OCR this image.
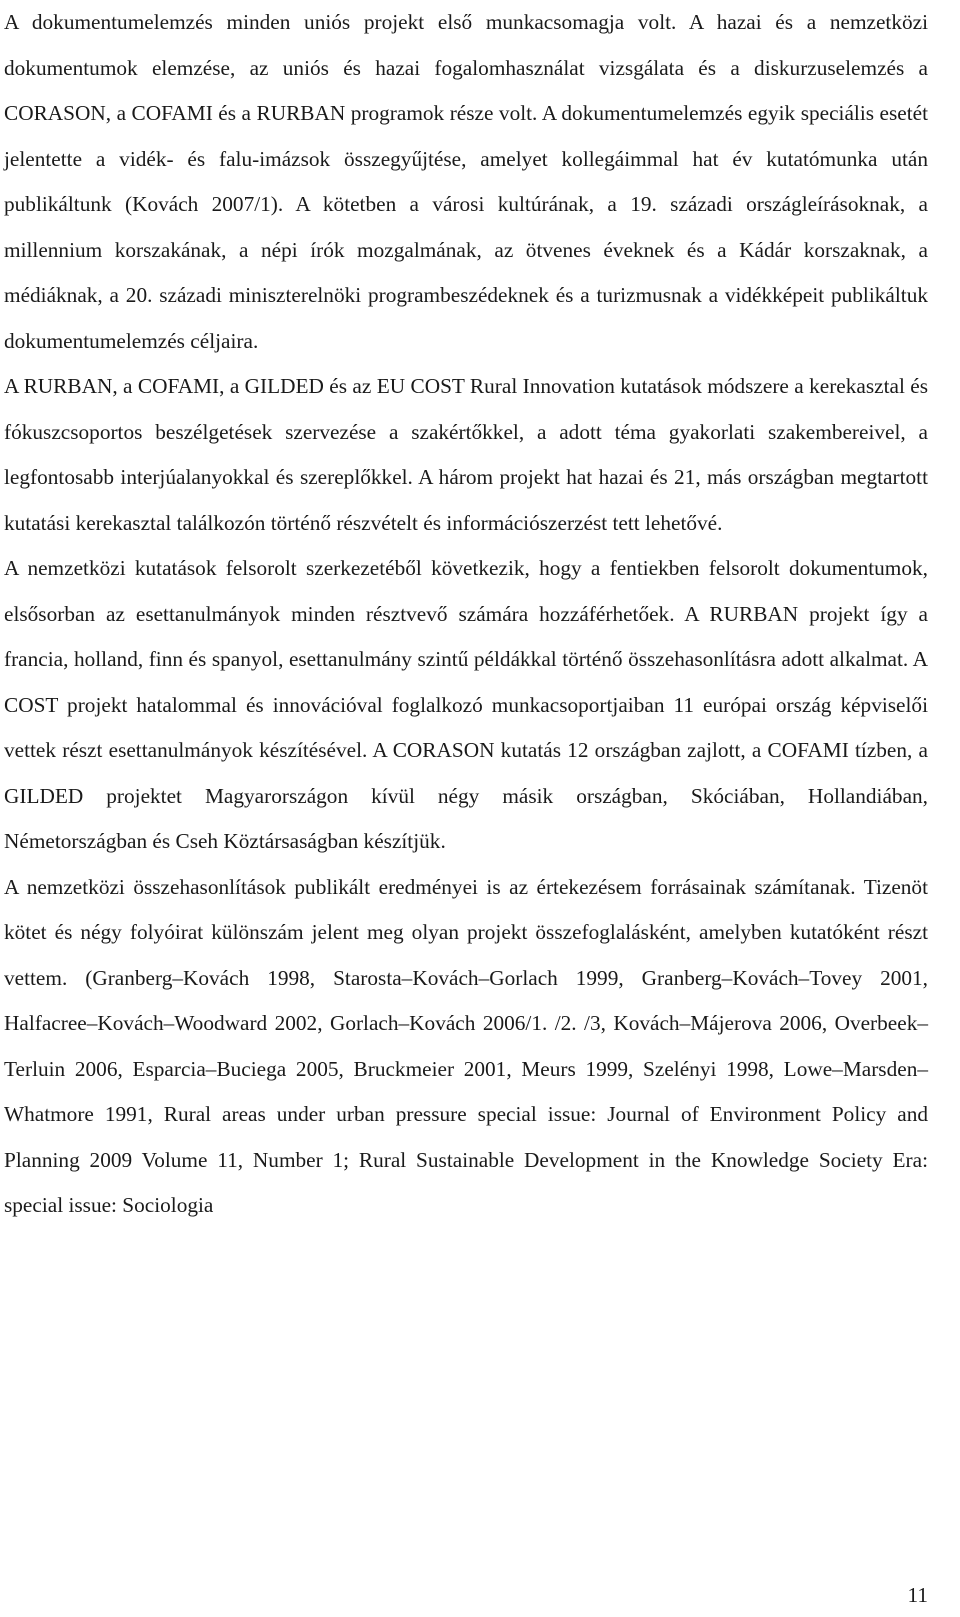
A dokumentumelemzés minden uniós projekt első munkacsomagja volt. A hazai és a nemzetközi dokumentumok elemzése, az uniós és hazai fogalomhasználat vizsgálata és a diskurzuselemzés a CORASON, a COFAMI és a RURBAN programok része volt. A dokumentumelemzés egyik speciális esetét jelentette a vidék- és falu-imázsok összegyűjtése, amelyet kollegáimmal hat év kutatómunka után publikáltunk (Kovách 2007/1). A kötetben a városi kultúrának, a 19. századi országleírásoknak, a millennium korszakának, a népi írók mozgalmának, az ötvenes éveknek és a Kádár korszaknak, a médiáknak, a 20. századi miniszterelnöki programbeszédeknek és a turizmusnak a vidékképeit publikáltuk dokumentumelemzés céljaira.

A RURBAN, a COFAMI, a GILDED és az EU COST Rural Innovation kutatások módszere a kerekasztal és fókuszcsoportos beszélgetések szervezése a szakértőkkel, a adott téma gyakorlati szakembereivel, a legfontosabb interjúalanyokkal és szereplőkkel. A három projekt hat hazai és 21, más országban megtartott kutatási kerekasztal találkozón történő részvételt és információszerzést tett lehetővé.

A nemzetközi kutatások felsorolt szerkezetéből következik, hogy a fentiekben felsorolt dokumentumok, elsősorban az esettanulmányok minden résztvevő számára hozzáférhetőek. A RURBAN projekt így a francia, holland, finn és spanyol, esettanulmány szintű példákkal történő összehasonlításra adott alkalmat. A COST projekt hatalommal és innovációval foglalkozó munkacsoportjaiban 11 európai ország képviselői vettek részt esettanulmányok készítésével. A CORASON kutatás 12 országban zajlott, a COFAMI tízben, a GILDED projektet Magyarországon kívül négy másik országban, Skóciában, Hollandiában, Németországban és Cseh Köztársaságban készítjük.

A nemzetközi összehasonlítások publikált eredményei is az értekezésem forrásainak számítanak. Tizenöt kötet és négy folyóirat különszám jelent meg olyan projekt összefoglalásként, amelyben kutatóként részt vettem. (Granberg–Kovách 1998, Starosta–Kovách–Gorlach 1999, Granberg–Kovách–Tovey 2001, Halfacree–Kovách–Woodward 2002, Gorlach–Kovách 2006/1. /2. /3, Kovách–Májerova 2006, Overbeek–Terluin 2006, Esparcia–Buciega 2005, Bruckmeier 2001, Meurs 1999, Szelényi 1998, Lowe–Marsden–Whatmore 1991, Rural areas under urban pressure special issue: Journal of Environment Policy and Planning 2009 Volume 11, Number 1; Rural Sustainable Development in the Knowledge Society Era: special issue: Sociologia

11
